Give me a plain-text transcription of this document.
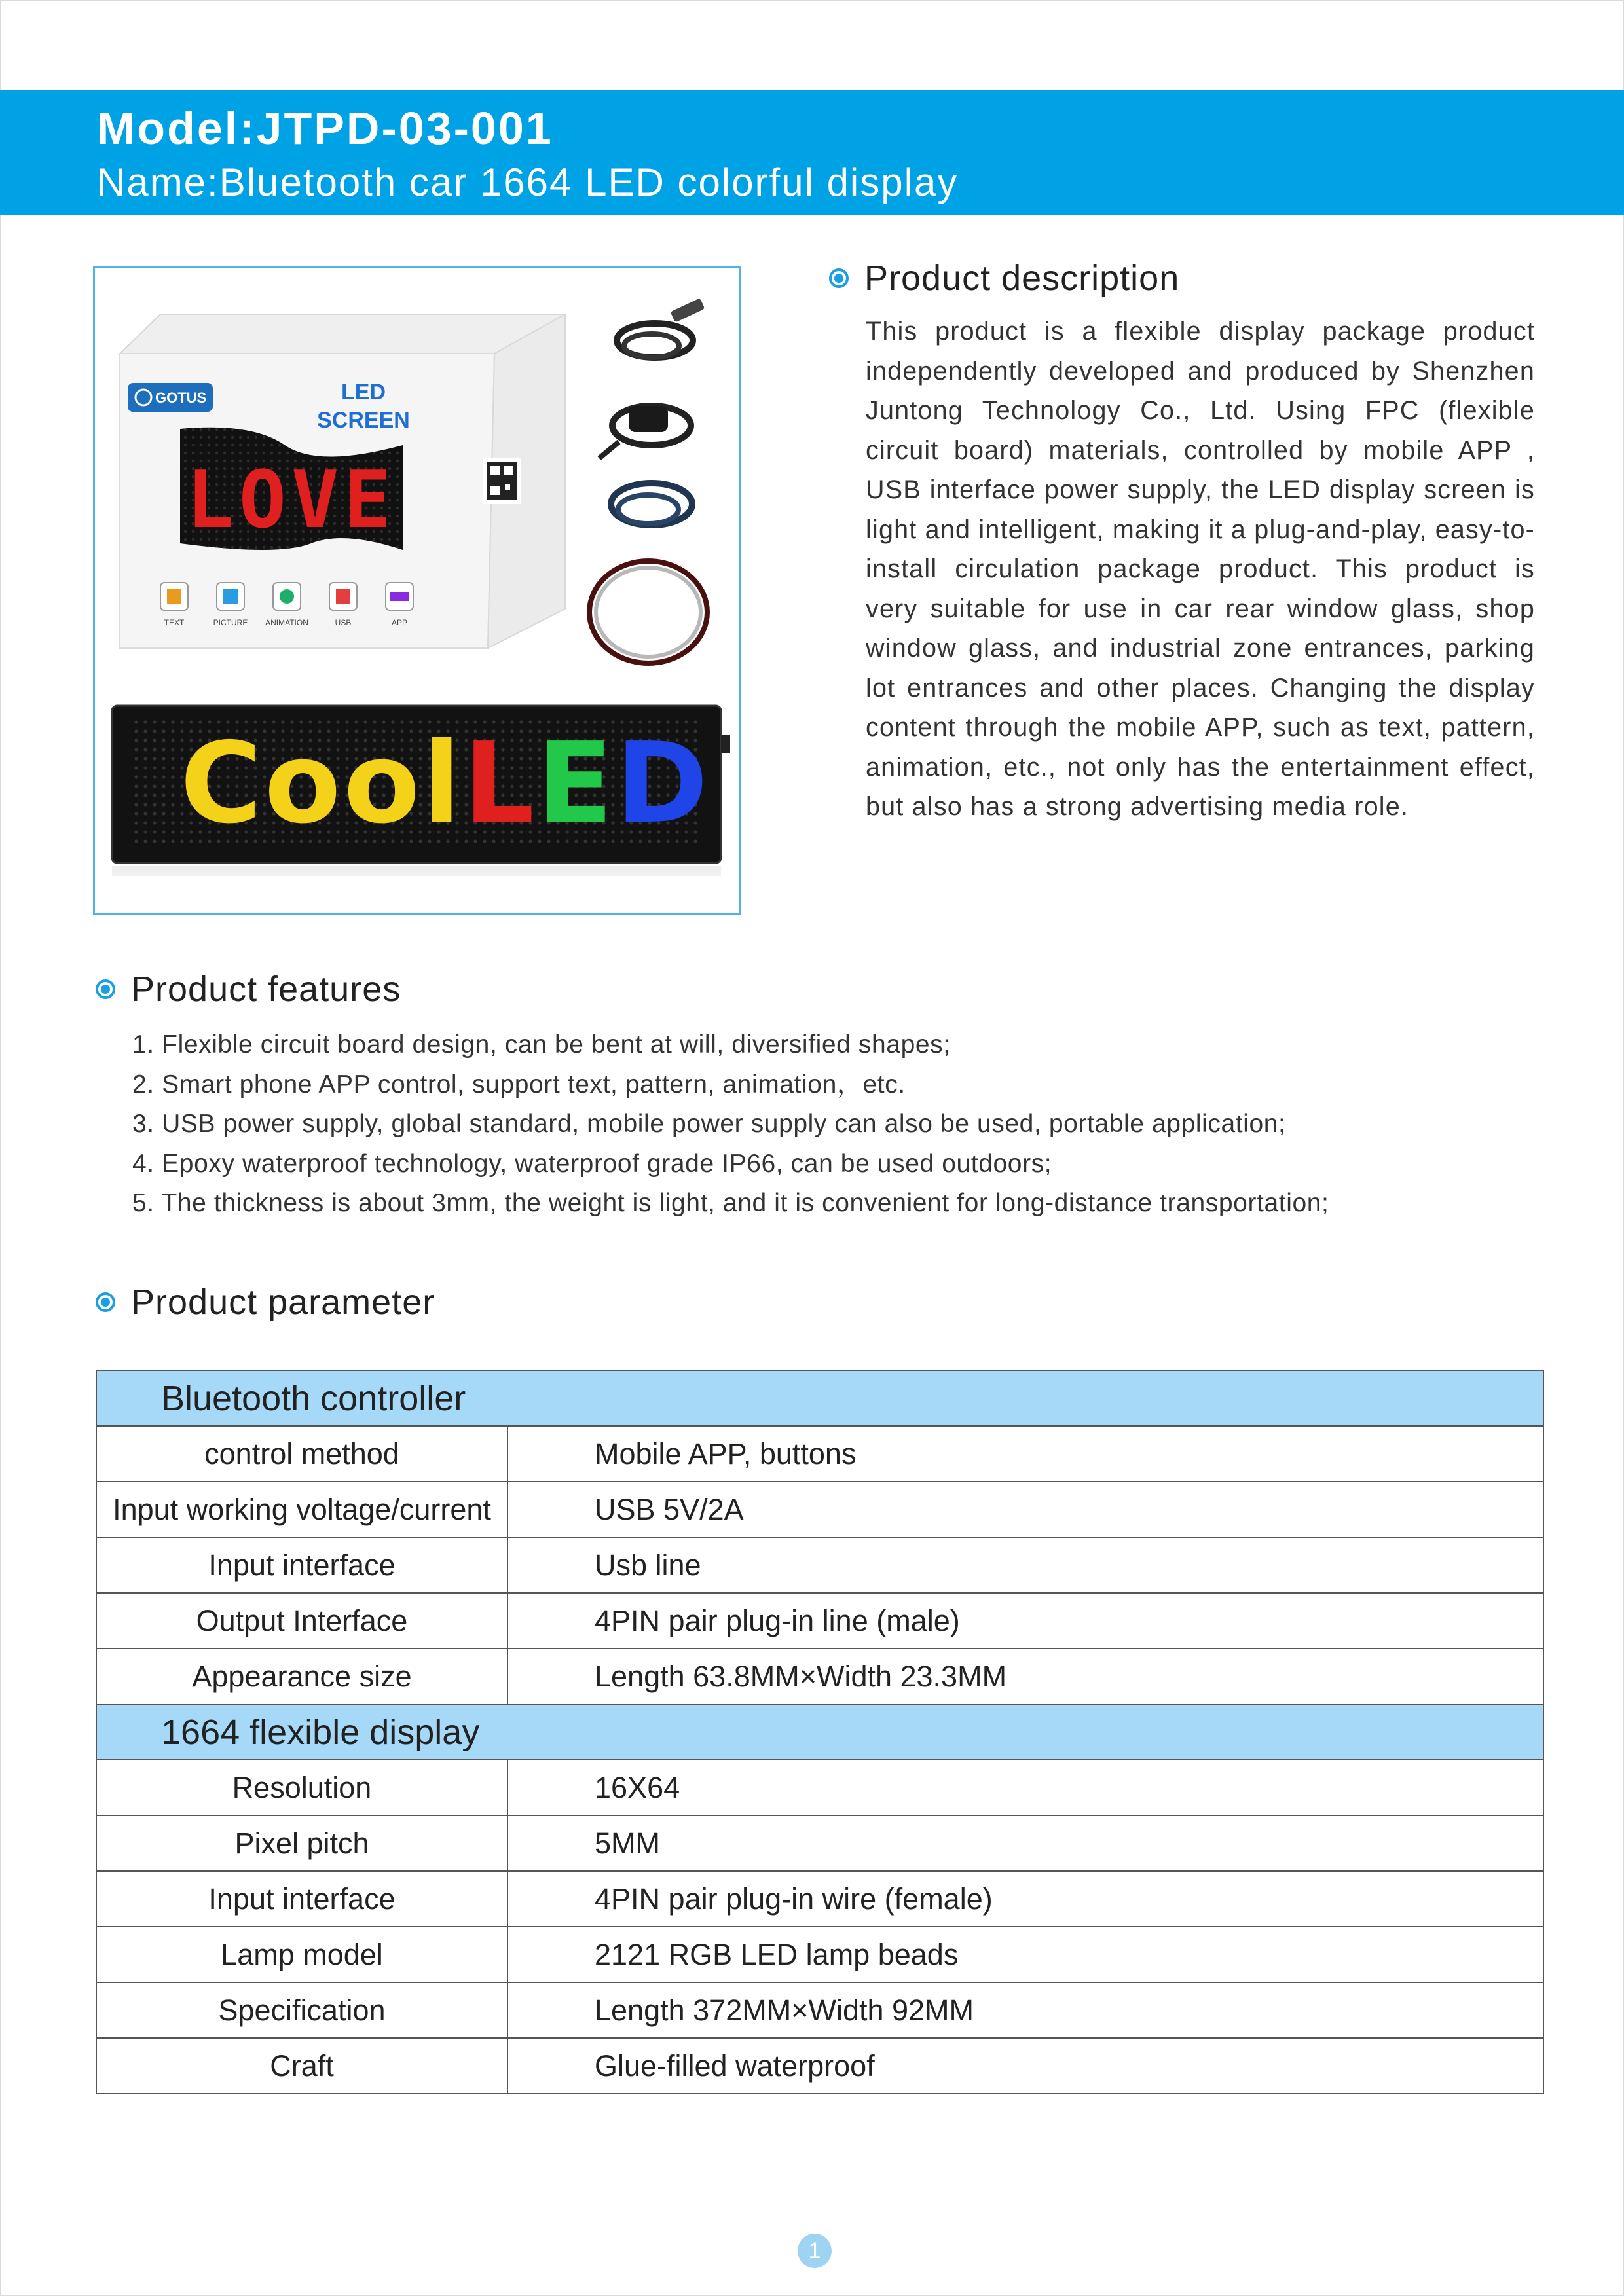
Model:JTPD-03-001
Name:Bluetooth car 1664 LED colorful display
GOTUS	LED
SCREEN
LOVE
TEXT	PICTURE ANIMATION	USB	APP
CoolLED
Product description
This product is a flexible display package product independently developed and produced by Shenzhen Juntong Technology Co., Ltd. Using FPC (flexible circuit board) materials, controlled by mobile APP , USB interface power supply, the LED display screen is light and intelligent, making it a plug-and-play, easy-to-install circulation package product. This product is very suitable for use in car rear window glass, shop window glass, and industrial zone entrances, parking lot entrances and other places. Changing the display content through the mobile APP, such as text, pattern, animation, etc., not only has the entertainment effect, but also has a strong advertising media role.
Product features
1. Flexible circuit board design, can be bent at will, diversified shapes;
2. Smart phone APP control, support text, pattern, animation，etc.
3. USB power supply, global standard, mobile power supply can also be used, portable application;
4. Epoxy waterproof technology, waterproof grade IP66, can be used outdoors;
5. The thickness is about 3mm, the weight is light, and it is convenient for long-distance transportation;
Product parameter
Bluetooth controller	
control method	Mobile APP, buttons
Input working voltage/current	USB 5V/2A
Input interface	Usb line
Output Interface	4PIN pair plug-in line (male)
Appearance size	Length 63.8MM×Width 23.3MM
1664 flexible display	
Resolution	16X64
Pixel pitch	5MM
Input interface	4PIN pair plug-in wire (female)
Lamp model	2121 RGB LED lamp beads
Specification	Length 372MM×Width 92MM
Craft	Glue-filled waterproof
1
